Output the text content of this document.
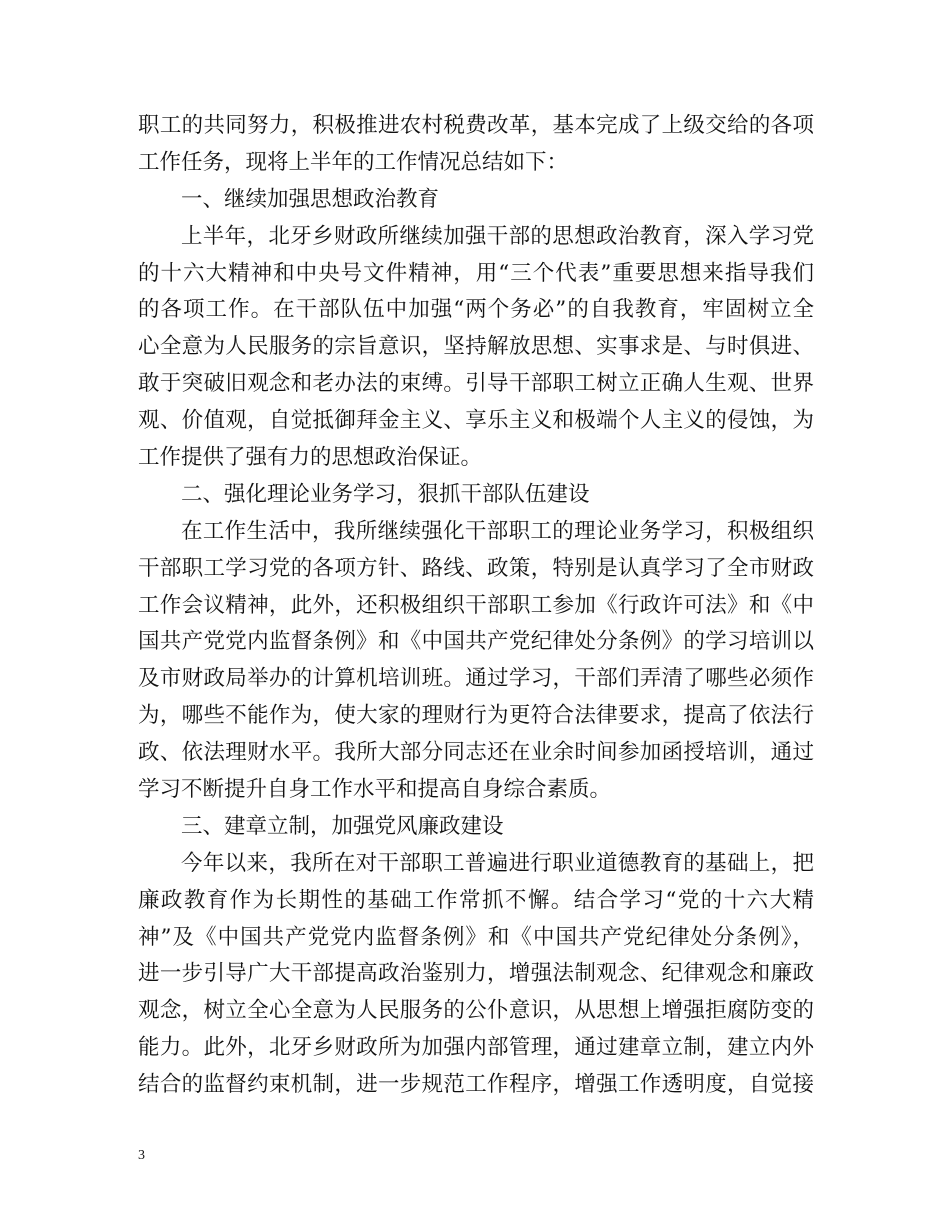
职工的共同努力，积极推进农村税费改革，基本完成了上级交给的各项
工作任务，现将上半年的工作情况总结如下：
一、继续加强思想政治教育
上半年，北牙乡财政所继续加强干部的思想政治教育，深入学习党
的十六大精神和中央号文件精神，用“三个代表”重要思想来指导我们
的各项工作。在干部队伍中加强“两个务必”的自我教育，牢固树立全
心全意为人民服务的宗旨意识，坚持解放思想、实事求是、与时俱进、
敢于突破旧观念和老办法的束缚。引导干部职工树立正确人生观、世界
观、价值观，自觉抵御拜金主义、享乐主义和极端个人主义的侵蚀，为
工作提供了强有力的思想政治保证。
二、强化理论业务学习，狠抓干部队伍建设
在工作生活中，我所继续强化干部职工的理论业务学习，积极组织
干部职工学习党的各项方针、路线、政策，特别是认真学习了全市财政
工作会议精神，此外，还积极组织干部职工参加《行政许可法》和《中
国共产党党内监督条例》和《中国共产党纪律处分条例》的学习培训以
及市财政局举办的计算机培训班。通过学习，干部们弄清了哪些必须作
为，哪些不能作为，使大家的理财行为更符合法律要求，提高了依法行
政、依法理财水平。我所大部分同志还在业余时间参加函授培训，通过
学习不断提升自身工作水平和提高自身综合素质。
三、建章立制，加强党风廉政建设
今年以来，我所在对干部职工普遍进行职业道德教育的基础上，把
廉政教育作为长期性的基础工作常抓不懈。结合学习“党的十六大精
神”及《中国共产党党内监督条例》和《中国共产党纪律处分条例》，
进一步引导广大干部提高政治鉴别力，增强法制观念、纪律观念和廉政
观念，树立全心全意为人民服务的公仆意识，从思想上增强拒腐防变的
能力。此外，北牙乡财政所为加强内部管理，通过建章立制，建立内外
结合的监督约束机制，进一步规范工作程序，增强工作透明度，自觉接
3
